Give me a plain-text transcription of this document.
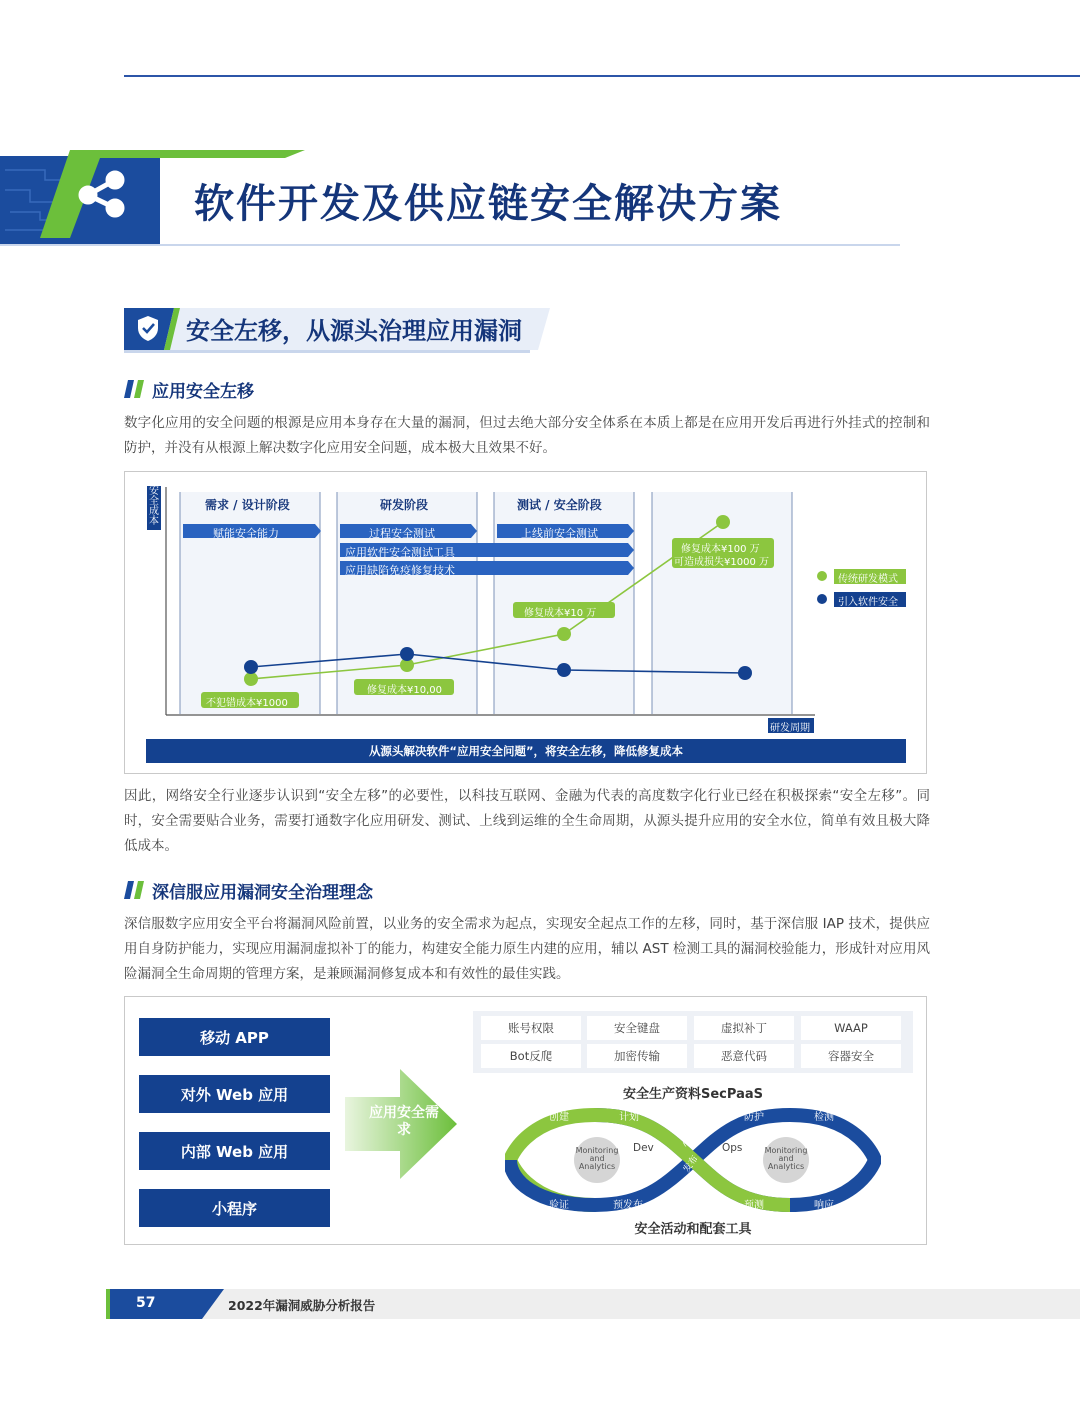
软件开发及供应链安全解决方案
安全左移，从源头治理应用漏洞
应用安全左移
数字化应用的安全问题的根源是应用本身存在大量的漏洞，但过去绝大部分安全体系在本质上都是在应用开发后再进行外挂式的控制和防护，并没有从根源上解决数字化应用安全问题，成本极大且效果不好。
安全成本
需求 / 设计阶段	研发阶段	测试 / 安全阶段
赋能安全能力	过程安全测试	上线前安全测试
应用软件安全测试工具
应用缺陷免疫修复技术
不犯错成本¥1000
修复成本¥10,00
修复成本¥10 万
修复成本¥100 万
可造成损失¥1000 万
传统研发模式
引入软件安全
研发周期
从源头解决软件“应用安全问题”，将安全左移，降低修复成本
因此，网络安全行业逐步认识到“安全左移”的必要性，以科技互联网、金融为代表的高度数字化行业已经在积极探索“安全左移”。同时，安全需要贴合业务，需要打通数字化应用研发、测试、上线到运维的全生命周期，从源头提升应用的安全水位，简单有效且极大降低成本。
深信服应用漏洞安全治理理念
深信服数字应用安全平台将漏洞风险前置，以业务的安全需求为起点，实现安全起点工作的左移，同时，基于深信服 IAP 技术，提供应用自身防护能力，实现应用漏洞虚拟补丁的能力，构建安全能力原生内建的应用，辅以 AST 检测工具的漏洞校验能力，形成针对应用风险漏洞全生命周期的管理方案，是兼顾漏洞修复成本和有效性的最佳实践。
移动 APP
对外 Web 应用
内部 Web 应用
小程序
应用安全需求
账号权限	安全键盘	虚拟补丁	WAAP
Bot反爬	加密传输	恶意代码	容器安全
安全生产资料SecPaaS
创建	计划
验证	预发布
Dev 构建
发布
防护	检测
预测	响应
Ops
Monitoring
and
Analytics
Monitoring
and
Analytics
安全活动和配套工具
57	2022年漏洞威胁分析报告
